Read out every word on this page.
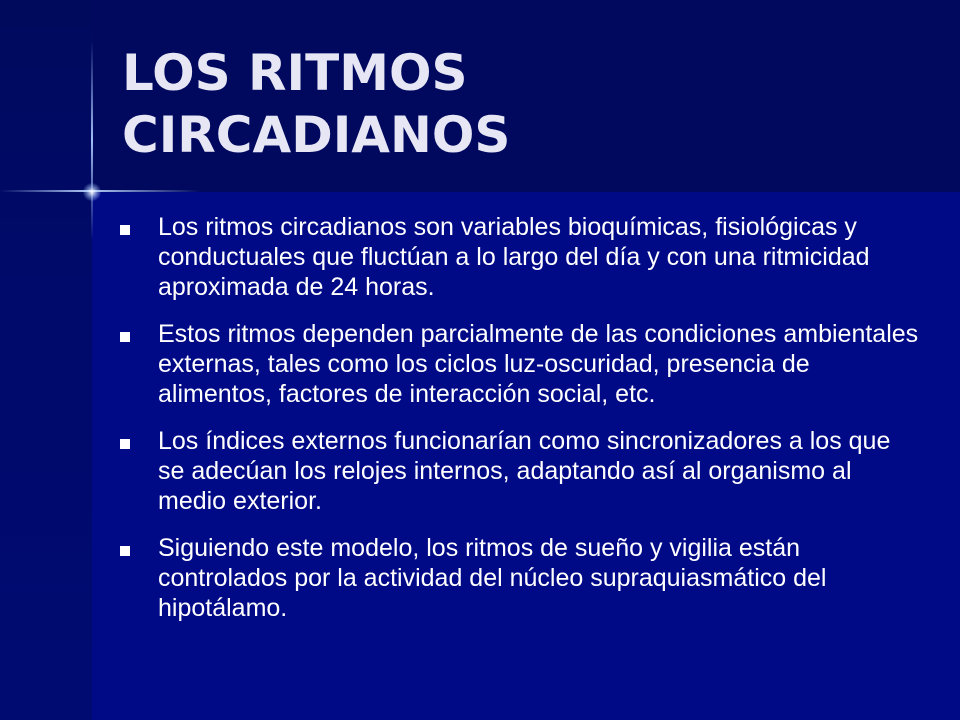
LOS RITMOS
CIRCADIANOS
Los ritmos circadianos son variables bioquímicas, fisiológicas y conductuales que fluctúan a lo largo del día y con una ritmicidad aproximada de 24 horas.
Estos ritmos dependen parcialmente de las condiciones ambientales externas, tales como los ciclos luz-oscuridad, presencia de alimentos, factores de interacción social, etc.
Los índices externos funcionarían como sincronizadores a los que se adecúan los relojes internos, adaptando así al organismo al medio exterior.
Siguiendo este modelo, los ritmos de sueño y vigilia están controlados por la actividad del núcleo supraquiasmático del hipotálamo.
